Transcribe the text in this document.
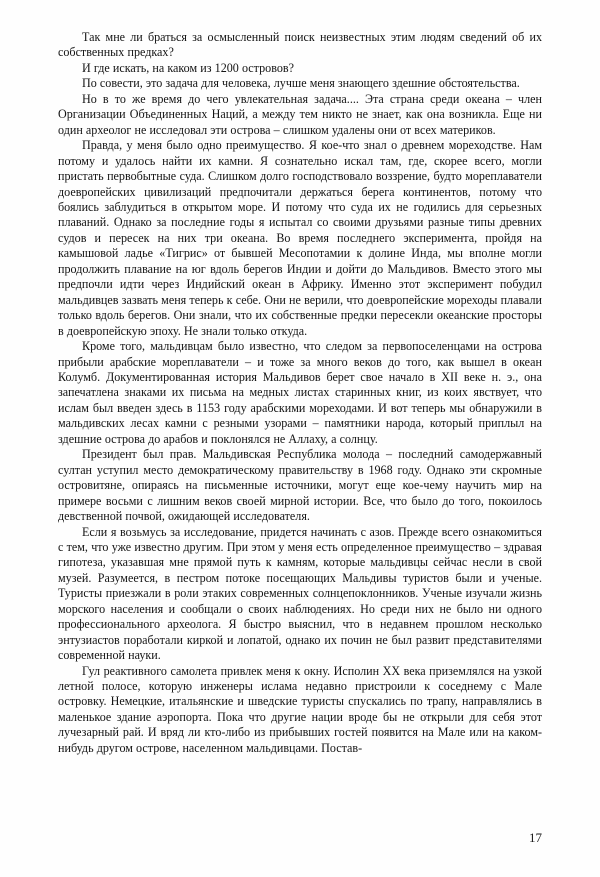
Так мне ли браться за осмысленный поиск неизвестных этим людям сведений об их собственных предках?

И где искать, на каком из 1200 островов?

По совести, это задача для человека, лучше меня знающего здешние обстоятельства.

Но в то же время до чего увлекательная задача.... Эта страна среди океана – член Организации Объединенных Наций, а между тем никто не знает, как она возникла. Еще ни один археолог не исследовал эти острова – слишком удалены они от всех материков.

Правда, у меня было одно преимущество. Я кое-что знал о древнем мореходстве. Нам потому и удалось найти их камни. Я сознательно искал там, где, скорее всего, могли пристать первобытные суда. Слишком долго господствовало воззрение, будто мореплаватели доевропейских цивилизаций предпочитали держаться берега континентов, потому что боялись заблудиться в открытом море. И потому что суда их не годились для серьезных плаваний. Однако за последние годы я испытал со своими друзьями разные типы древних судов и пересек на них три океана. Во время последнего эксперимента, пройдя на камышовой ладье «Тигрис» от бывшей Месопотамии к долине Инда, мы вполне могли продолжить плавание на юг вдоль берегов Индии и дойти до Мальдивов. Вместо этого мы предпочли идти через Индийский океан в Африку. Именно этот эксперимент побудил мальдивцев зазвать меня теперь к себе. Они не верили, что доевропейские мореходы плавали только вдоль берегов. Они знали, что их собственные предки пересекли океанские просторы в доевропейскую эпоху. Не знали только откуда.

Кроме того, мальдивцам было известно, что следом за первопоселенцами на острова прибыли арабские мореплаватели – и тоже за много веков до того, как вышел в океан Колумб. Документированная история Мальдивов берет свое начало в XII веке н. э., она запечатлена знаками их письма на медных листах старинных книг, из коих явствует, что ислам был введен здесь в 1153 году арабскими мореходами. И вот теперь мы обнаружили в мальдивских лесах камни с резными узорами – памятники народа, который приплыл на здешние острова до арабов и поклонялся не Аллаху, а солнцу.

Президент был прав. Мальдивская Республика молода – последний самодержавный султан уступил место демократическому правительству в 1968 году. Однако эти скромные островитяне, опираясь на письменные источники, могут еще кое-чему научить мир на примере восьми с лишним веков своей мирной истории. Все, что было до того, покоилось девственной почвой, ожидающей исследователя.

Если я возьмусь за исследование, придется начинать с азов. Прежде всего ознакомиться с тем, что уже известно другим. При этом у меня есть определенное преимущество – здравая гипотеза, указавшая мне прямой путь к камням, которые мальдивцы сейчас несли в свой музей. Разумеется, в пестром потоке посещающих Мальдивы туристов были и ученые. Туристы приезжали в роли этаких современных солнцепоклонников. Ученые изучали жизнь морского населения и сообщали о своих наблюдениях. Но среди них не было ни одного профессионального археолога. Я быстро выяснил, что в недавнем прошлом несколько энтузиастов поработали киркой и лопатой, однако их почин не был развит представителями современной науки.

Гул реактивного самолета привлек меня к окну. Исполин XX века приземлялся на узкой летной полосе, которую инженеры ислама недавно пристроили к соседнему с Мале островку. Немецкие, итальянские и шведские туристы спускались по трапу, направлялись в маленькое здание аэропорта. Пока что другие нации вроде бы не открыли для себя этот лучезарный рай. И вряд ли кто-либо из прибывших гостей появится на Мале или на каком-нибудь другом острове, населенном мальдивцами. Постав-

17
